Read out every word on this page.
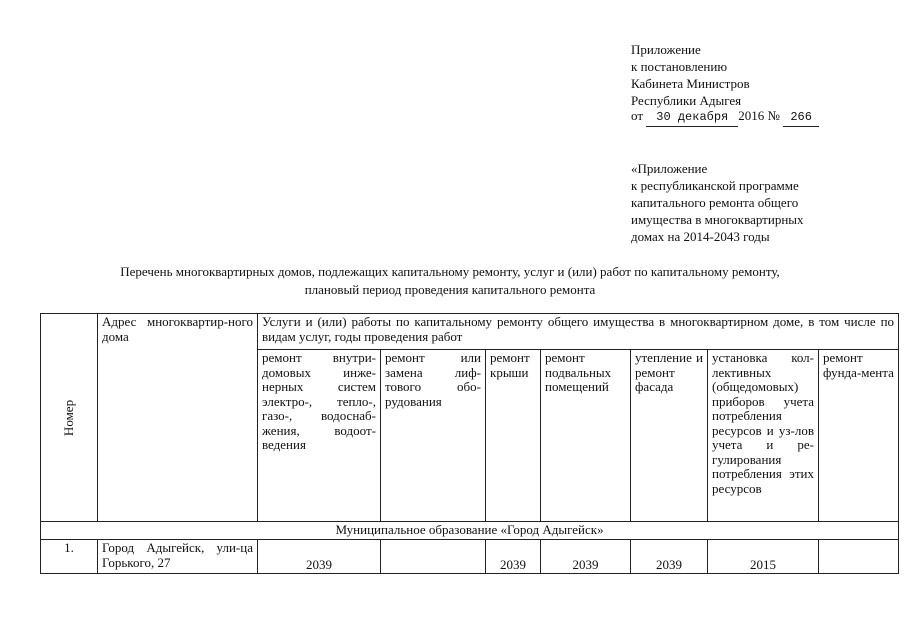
Приложение
к постановлению
Кабинета Министров
Республики Адыгея
от 30 декабря 2016 № 266
«Приложение
к республиканской программе
капитального ремонта общего
имущества в многоквартирных
домах на 2014-2043 годы
Перечень многоквартирных домов, подлежащих капитальному ремонту, услуг и (или) работ по капитальному ремонту,
плановый период проведения капитального ремонта
Номер	Адрес многоквартир-ного дома	Услуги и (или) работы по капитальному ремонту общего имущества в многоквартирном доме, в том числе по видам услуг, годы проведения работ						
		ремонт внутри-домовых инже-нерных систем электро-, тепло-, газо-, водоснаб-жения, водоот-ведения	ремонт или замена лиф-тового обо-рудования	ремонт крыши	ремонт подвальных помещений	утепление и ремонт фасада	установка кол-лективных (общедомовых) приборов учета потребления ресурсов и уз-лов учета и ре-гулирования потребления этих ресурсов	ремонт фунда-мента
Муниципальное образование «Город Адыгейск»								
1.	Город Адыгейск, ули-ца Горького, 27	2039		2039	2039	2039	2015	
